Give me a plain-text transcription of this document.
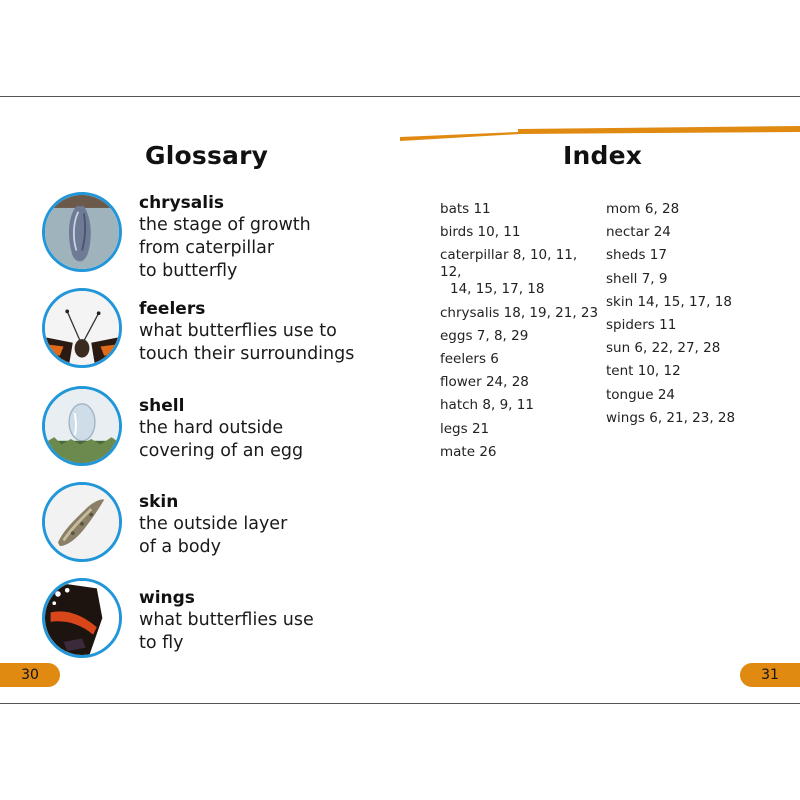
Glossary
chrysalis
the stage of growth
from caterpillar
to butterfly
feelers
what butterflies use to
touch their surroundings
shell
the hard outside
covering of an egg
skin
the outside layer
of a body
wings
what butterflies use
to fly
30
Index
bats 11
birds 10, 11
caterpillar 8, 10, 11, 12,
14, 15, 17, 18
chrysalis 18, 19, 21, 23
eggs 7, 8, 29
feelers 6
flower 24, 28
hatch 8, 9, 11
legs 21
mate 26
mom 6, 28
nectar 24
sheds 17
shell 7, 9
skin 14, 15, 17, 18
spiders 11
sun 6, 22, 27, 28
tent 10, 12
tongue 24
wings 6, 21, 23, 28
31
